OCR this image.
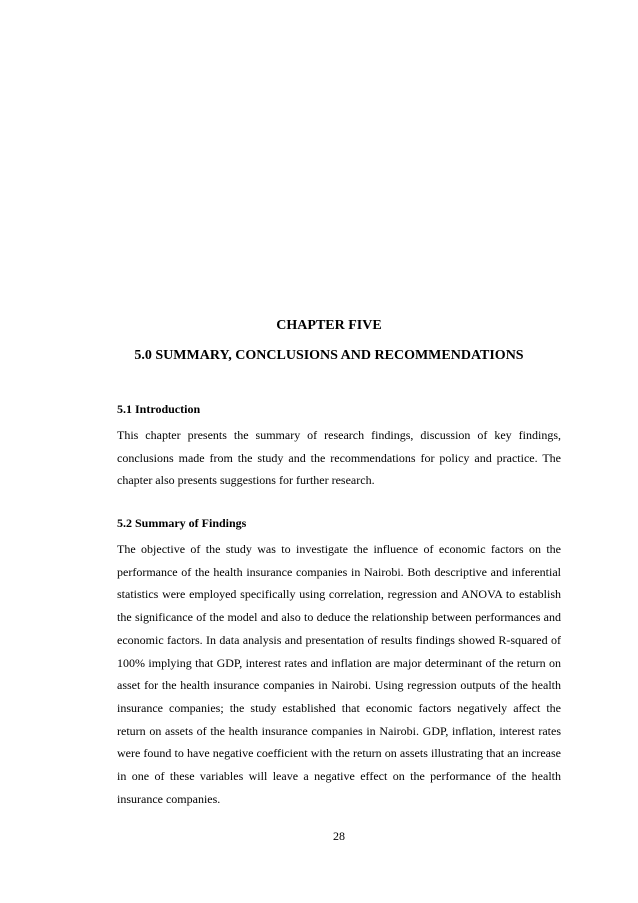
CHAPTER FIVE
5.0 SUMMARY, CONCLUSIONS AND RECOMMENDATIONS
5.1 Introduction

This chapter presents the summary of research findings, discussion of key findings, conclusions made from the study and the recommendations for policy and practice. The chapter also presents suggestions for further research.

5.2 Summary of Findings

The objective of the study was to investigate the influence of economic factors on the performance of the health insurance companies in Nairobi. Both descriptive and inferential statistics were employed specifically using correlation, regression and ANOVA to establish the significance of the model and also to deduce the relationship between performances and economic factors. In data analysis and presentation of results findings showed R-squared of 100% implying that GDP, interest rates and inflation are major determinant of the return on asset for the health insurance companies in Nairobi. Using regression outputs of the health insurance companies; the study established that economic factors negatively affect the return on assets of the health insurance companies in Nairobi. GDP, inflation, interest rates were found to have negative coefficient with the return on assets illustrating that an increase in one of these variables will leave a negative effect on the performance of the health insurance companies.

28
